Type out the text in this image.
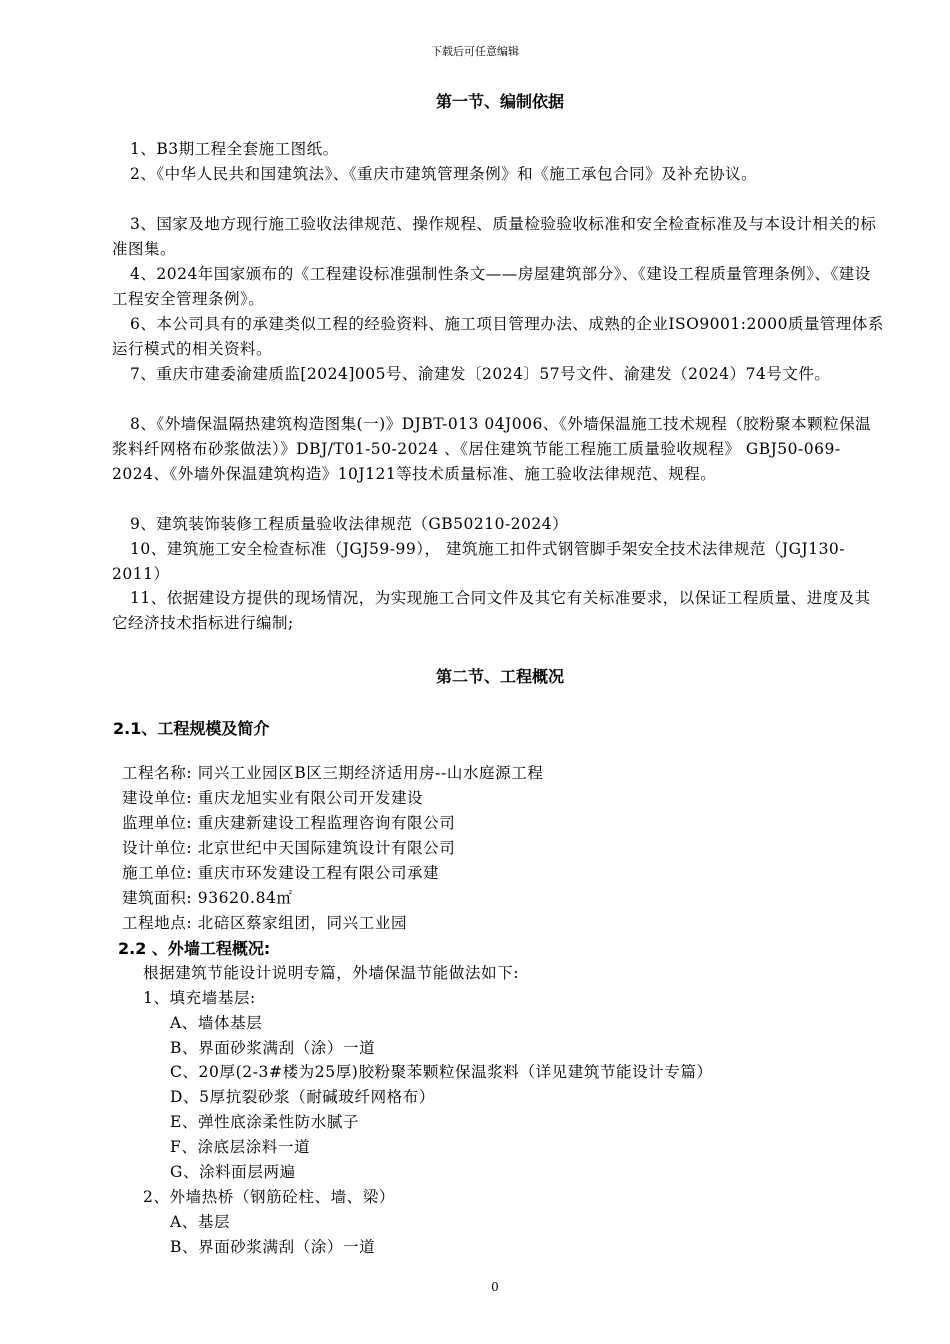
下载后可任意编辑
第一节、编制依据

1、B3期工程全套施工图纸。

2、《中华人民共和国建筑法》、《重庆市建筑管理条例》和《施工承包合同》及补充协议。

3、国家及地方现行施工验收法律规范、操作规程、质量检验验收标准和安全检查标准及与本设计相关的标准图集。

4、2024年国家颁布的《工程建设标准强制性条文——房屋建筑部分》、《建设工程质量管理条例》、《建设工程安全管理条例》。

6、本公司具有的承建类似工程的经验资料、施工项目管理办法、成熟的企业ISO9001:2000质量管理体系运行模式的相关资料。

7、重庆市建委渝建质监[2024]005号、渝建发〔2024〕57号文件、渝建发（2024）74号文件。

8、《外墙保温隔热建筑构造图集(一)》DJBT-013 04J006、《外墙保温施工技术规程（胶粉聚本颗粒保温浆料纤网格布砂浆做法）》DBJ/T01-50-2024 、《居住建筑节能工程施工质量验收规程》 GBJ50-069-2024、《外墙外保温建筑构造》10J121等技术质量标准、施工验收法律规范、规程。

9、建筑装饰装修工程质量验收法律规范（GB50210-2024）

10、建筑施工安全检查标准（JGJ59-99）， 建筑施工扣件式钢管脚手架安全技术法律规范（JGJ130-2011）

11、依据建设方提供的现场情况，为实现施工合同文件及其它有关标准要求，以保证工程质量、进度及其它经济技术指标进行编制;

第二节、工程概况
2.1、工程规模及简介
工程名称: 同兴工业园区B区三期经济适用房--山水庭源工程
建设单位: 重庆龙旭实业有限公司开发建设
监理单位: 重庆建新建设工程监理咨询有限公司
设计单位: 北京世纪中天国际建筑设计有限公司
施工单位: 重庆市环发建设工程有限公司承建
建筑面积: 93620.84㎡
工程地点: 北碚区蔡家组团，同兴工业园
2.2 、外墙工程概况:
根据建筑节能设计说明专篇，外墙保温节能做法如下:
1、填充墙基层:
A、墙体基层
B、界面砂浆满刮（涂）一道
C、20厚(2-3#楼为25厚)胶粉聚苯颗粒保温浆料（详见建筑节能设计专篇）
D、5厚抗裂砂浆（耐碱玻纤网格布）
E、弹性底涂柔性防水腻子
F、涂底层涂料一道
G、涂料面层两遍
2、外墙热桥（钢筋砼柱、墙、梁）
A、基层
B、界面砂浆满刮（涂）一道
0
